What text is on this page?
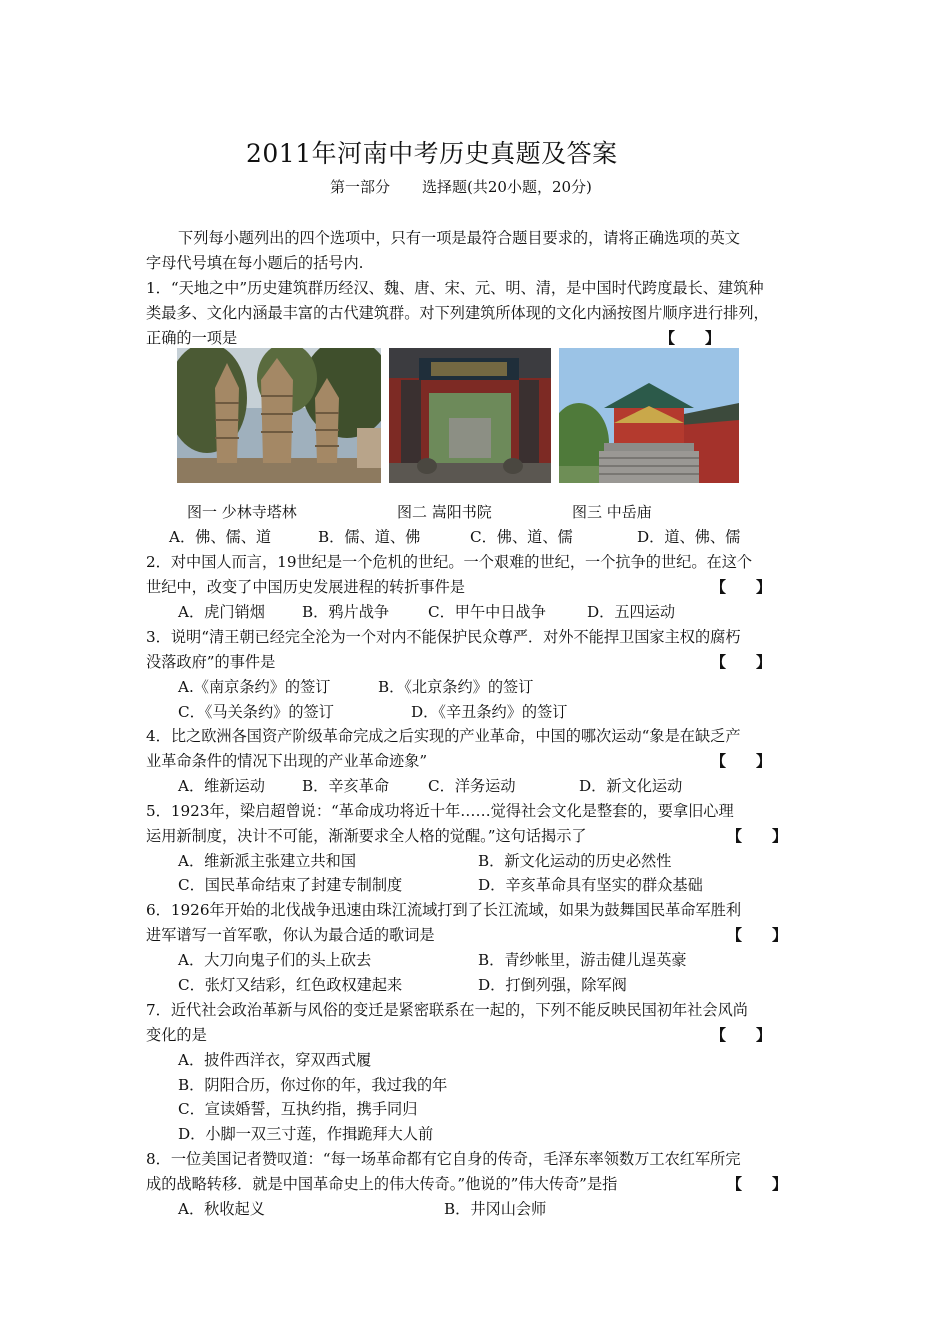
2011年河南中考历史真题及答案
第一部分 选择题(共20小题，20分)
下列每小题列出的四个选项中，只有一项是最符合题目要求的，请将正确选项的英文
字母代号填在每小题后的括号内.
1．“天地之中”历史建筑群历经汉、魏、唐、宋、元、明、清，是中国时代跨度最长、建筑种
类最多、文化内涵最丰富的古代建筑群。对下列建筑所体现的文化内涵按图片顺序进行排列，
正确的一项是	【　　】
图一 少林寺塔林	图二 嵩阳书院	图三 中岳庙
A．佛、儒、道	B．儒、道、佛	C．佛、道、儒	D．道、佛、儒
2．对中国人而言，19世纪是一个危机的世纪。一个艰难的世纪，一个抗争的世纪。在这个
世纪中，改变了中国历史发展进程的转折事件是	【　　】
A．虎门销烟 B．鸦片战争	C．甲午中日战争	D．五四运动
3．说明“清王朝已经完全沦为一个对内不能保护民众尊严．对外不能捍卫国家主权的腐朽
没落政府”的事件是	【　　】
A.《南京条约》的签订	B．《北京条约》的签订
C．《马关条约》的签订	D．《辛丑条约》的签订
4．比之欧洲各国资产阶级革命完成之后实现的产业革命，中国的哪次运动“象是在缺乏产
业革命条件的情况下出现的产业革命迹象”	【　　】
A．维新运动 B．辛亥革命	C．洋务运动	D．新文化运动
5．1923年，梁启超曾说：“革命成功将近十年……觉得社会文化是整套的，要拿旧心理
运用新制度，决计不可能，渐渐要求全人格的觉醒。”这句话揭示了	【　　】
A．维新派主张建立共和国	B．新文化运动的历史必然性
C．国民革命结束了封建专制制度	D．辛亥革命具有坚实的群众基础
6．1926年开始的北伐战争迅速由珠江流域打到了长江流域，如果为鼓舞国民革命军胜利
进军谱写一首军歌，你认为最合适的歌词是	【　　】
A．大刀向鬼子们的头上砍去	B．青纱帐里，游击健儿逞英豪
C．张灯又结彩，红色政权建起来	D．打倒列强，除军阀
7．近代社会政治革新与风俗的变迁是紧密联系在一起的，下列不能反映民国初年社会风尚
变化的是	【　　】
A．披件西洋衣，穿双西式履
B．阴阳合历，你过你的年，我过我的年
C．宣读婚誓，互执约指，携手同归
D．小脚一双三寸莲，作揖跪拜大人前
8．一位美国记者赞叹道：“每一场革命都有它自身的传奇，毛泽东率领数万工农红军所完
成的战略转移．就是中国革命史上的伟大传奇。”他说的”伟大传奇”是指	【　　】
A．秋收起义	B．井冈山会师
